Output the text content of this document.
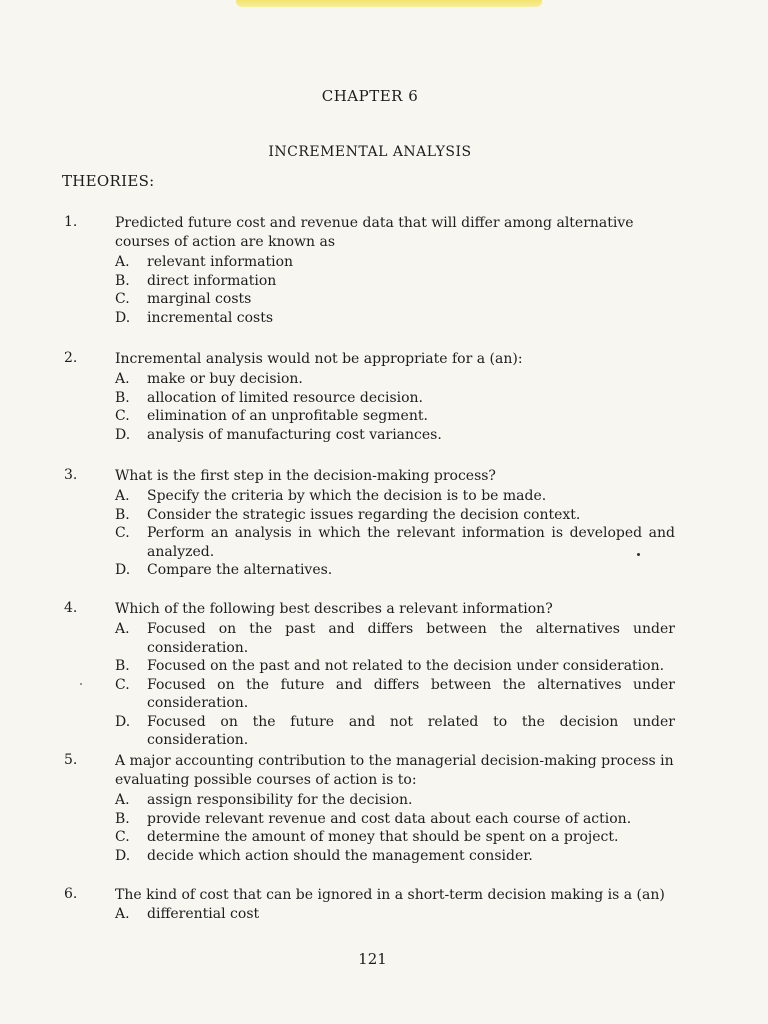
CHAPTER 6
INCREMENTAL ANALYSIS
THEORIES:
1.	Predicted future cost and revenue data that will differ among alternative courses of action are known as
A.	relevant information
B.	direct information
C.	marginal costs
D.	incremental costs
2.	Incremental analysis would not be appropriate for a (an):
A.	make or buy decision.
B.	allocation of limited resource decision.
C.	elimination of an unprofitable segment.
D.	analysis of manufacturing cost variances.
3.	What is the first step in the decision-making process?
A.	Specify the criteria by which the decision is to be made.
B.	Consider the strategic issues regarding the decision context.
C.	Perform an analysis in which the relevant information is developed and analyzed.
D.	Compare the alternatives.
4.	Which of the following best describes a relevant information?
A.	Focused on the past and differs between the alternatives under consideration.
B.	Focused on the past and not related to the decision under consideration.
C.	Focused on the future and differs between the alternatives under consideration.
D.	Focused on the future and not related to the decision under consideration.
5.	A major accounting contribution to the managerial decision-making process in evaluating possible courses of action is to:
A.	assign responsibility for the decision.
B.	provide relevant revenue and cost data about each course of action.
C.	determine the amount of money that should be spent on a project.
D.	decide which action should the management consider.
6.	The kind of cost that can be ignored in a short-term decision making is a (an)
A.	differential cost
121
